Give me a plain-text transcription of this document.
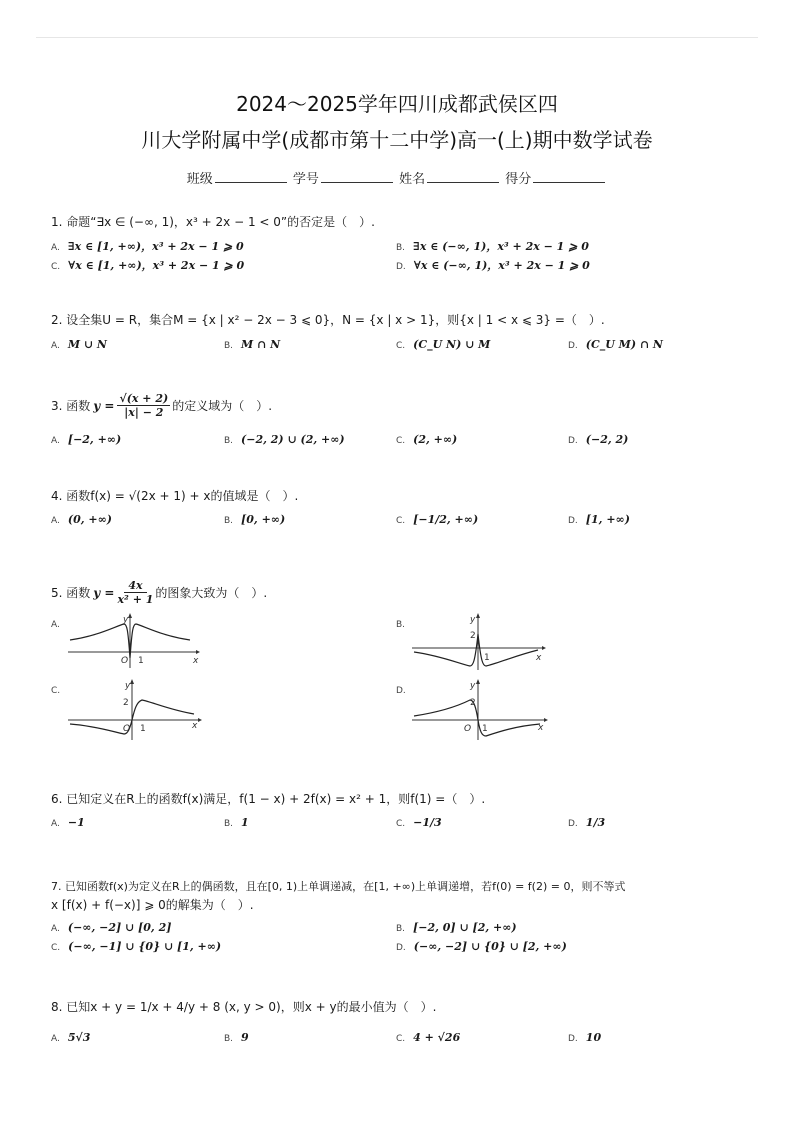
2024～2025学年四川成都武侯区四
川大学附属中学(成都市第十二中学)高一(上)期中数学试卷
班级	学号	姓名	得分
1. 命题“∃x ∈ (−∞, 1)，x³ + 2x − 1 < 0”的否定是（　）.
A. ∃x ∈ [1, +∞)，x³ + 2x − 1 ⩾ 0	B. ∃x ∈ (−∞, 1)，x³ + 2x − 1 ⩾ 0
C. ∀x ∈ [1, +∞)，x³ + 2x − 1 ⩾ 0	D. ∀x ∈ (−∞, 1)，x³ + 2x − 1 ⩾ 0
2. 设全集U = R，集合M = {x | x² − 2x − 3 ⩽ 0}，N = {x | x > 1}，则{x | 1 < x ⩽ 3} =（　）.
A. M ∪ N	B. M ∩ N	C. (C_U N) ∪ M	D. (C_U M) ∩ N
3. 函数 $y = \frac{√(x + 2)}{|x| - 2}$ 的定义域为（　）.
A. [−2, +∞)	B. (−2, 2) ∪ (2, +∞)	C. (2, +∞)	D. (−2, 2)
4. 函数f(x) = √(2x + 1) + x的值域是（　）.
A. (0, +∞)	B. [0, +∞)	C. [−1/2, +∞)	D. [1, +∞)
5. 函数 $y = \frac{4x}{\text{x² + 1}}$ 的图象大致为（　）.
A.	B.
C.	D.
x
y
O 1	x
y
2
1
x
y
2
O 1	x
y
2
O 1
6. 已知定义在R上的函数f(x)满足，f(1 − x) + 2f(x) = x² + 1，则f(1) =（　）.
A. −1	B. 1	C. −1/3	D. 1/3
7. 已知函数f(x)为定义在R上的偶函数，且在[0, 1)上单调递减，在[1, +∞)上单调递增，若f(0) = f(2) = 0，则不等式
x [f(x) + f(−x)] ⩾ 0的解集为（　）.
A. (−∞, −2] ∪ [0, 2]	B. [−2, 0] ∪ [2, +∞)
C. (−∞, −1] ∪ {0} ∪ [1, +∞)	D. (−∞, −2] ∪ {0} ∪ [2, +∞)
8. 已知x + y = 1/x + 4/y + 8 (x, y > 0)，则x + y的最小值为（　）.
A. 5√3	B. 9	C. 4 + √26	D. 10
